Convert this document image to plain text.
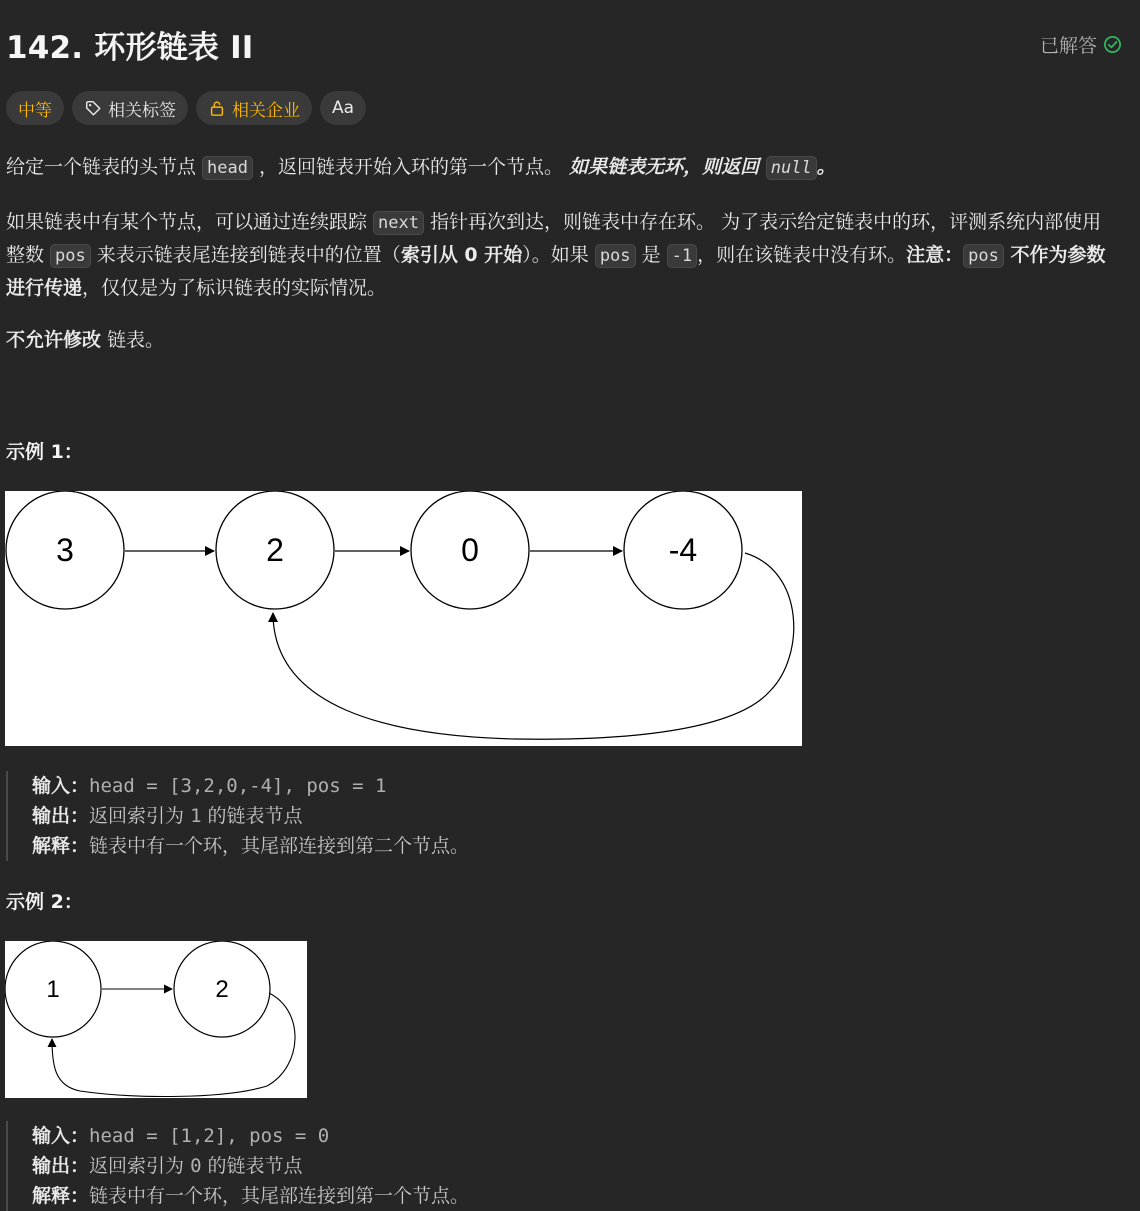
142. 环形链表 II	已解答
中等	相关标签	相关企业 Aa
给定一个链表的头节点 head ，返回链表开始入环的第一个节点。 如果链表无环，则返回 null 。
如果链表中有某个节点，可以通过连续跟踪 next 指针再次到达，则链表中存在环。 为了表示给定链表中的环，评测系统内部使用整数 pos 来表示链表尾连接到链表中的位置（索引从 0 开始）。如果 pos 是 -1 ，则在该链表中没有环。注意： pos 不作为参数进行传递，仅仅是为了标识链表的实际情况。
不允许修改 链表。
示例 1：
3	2	0	-4
输入：head = [3,2,0,-4], pos = 1
输出：返回索引为 1 的链表节点
解释：链表中有一个环，其尾部连接到第二个节点。
示例 2：
1	2
输入：head = [1,2], pos = 0
输出：返回索引为 0 的链表节点
解释：链表中有一个环，其尾部连接到第一个节点。
